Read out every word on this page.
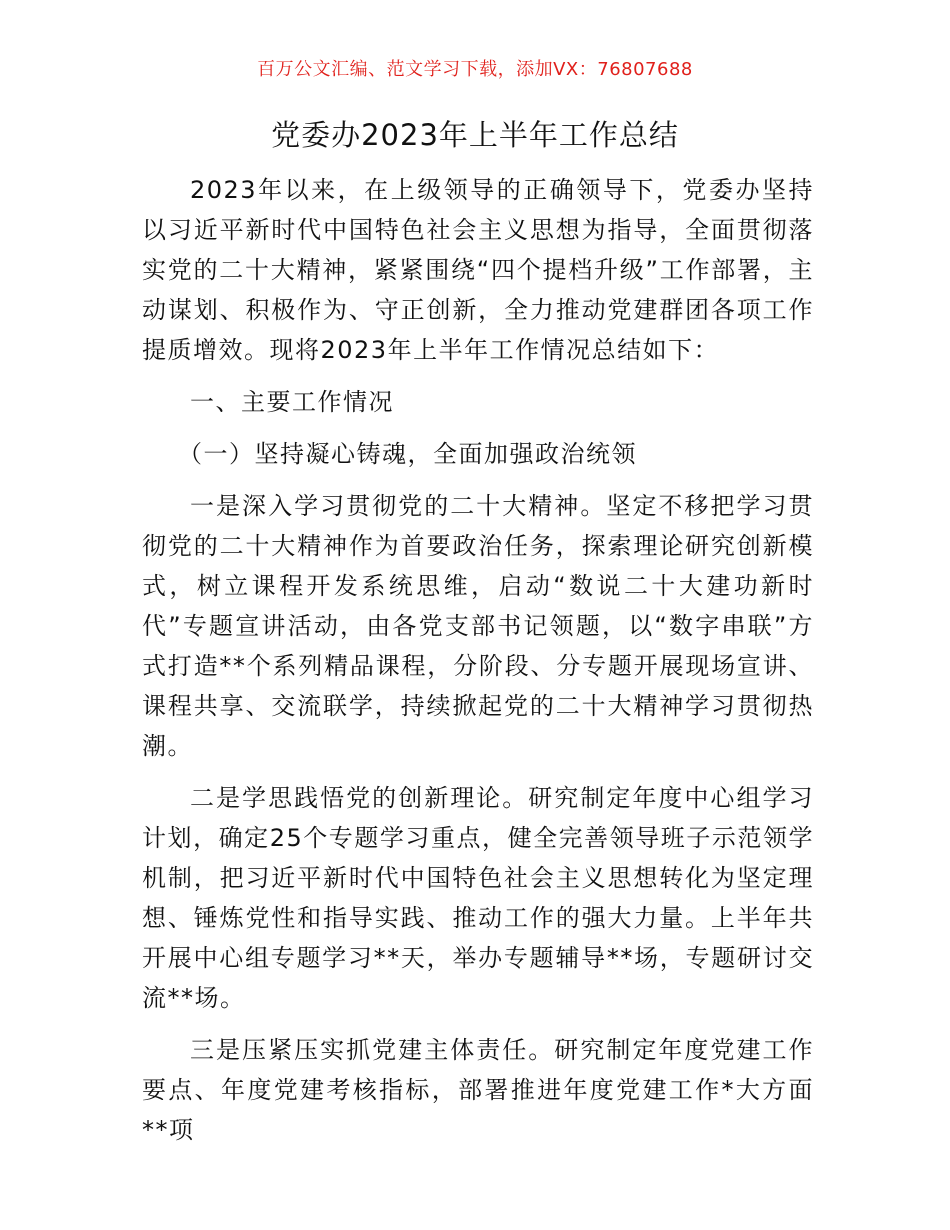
百万公文汇编、范文学习下载，添加VX：76807688
党委办2023年上半年工作总结

2023年以来，在上级领导的正确领导下，党委办坚持以习近平新时代中国特色社会主义思想为指导，全面贯彻落实党的二十大精神，紧紧围绕“四个提档升级”工作部署，主动谋划、积极作为、守正创新，全力推动党建群团各项工作提质增效。现将2023年上半年工作情况总结如下：

一、主要工作情况

（一）坚持凝心铸魂，全面加强政治统领

一是深入学习贯彻党的二十大精神。坚定不移把学习贯彻党的二十大精神作为首要政治任务，探索理论研究创新模式，树立课程开发系统思维，启动“数说二十大建功新时代”专题宣讲活动，由各党支部书记领题，以“数字串联”方式打造**个系列精品课程，分阶段、分专题开展现场宣讲、课程共享、交流联学，持续掀起党的二十大精神学习贯彻热潮。

二是学思践悟党的创新理论。研究制定年度中心组学习计划，确定25个专题学习重点，健全完善领导班子示范领学机制，把习近平新时代中国特色社会主义思想转化为坚定理想、锤炼党性和指导实践、推动工作的强大力量。上半年共开展中心组专题学习**天，举办专题辅导**场，专题研讨交流**场。

三是压紧压实抓党建主体责任。研究制定年度党建工作要点、年度党建考核指标，部署推进年度党建工作*大方面**项
